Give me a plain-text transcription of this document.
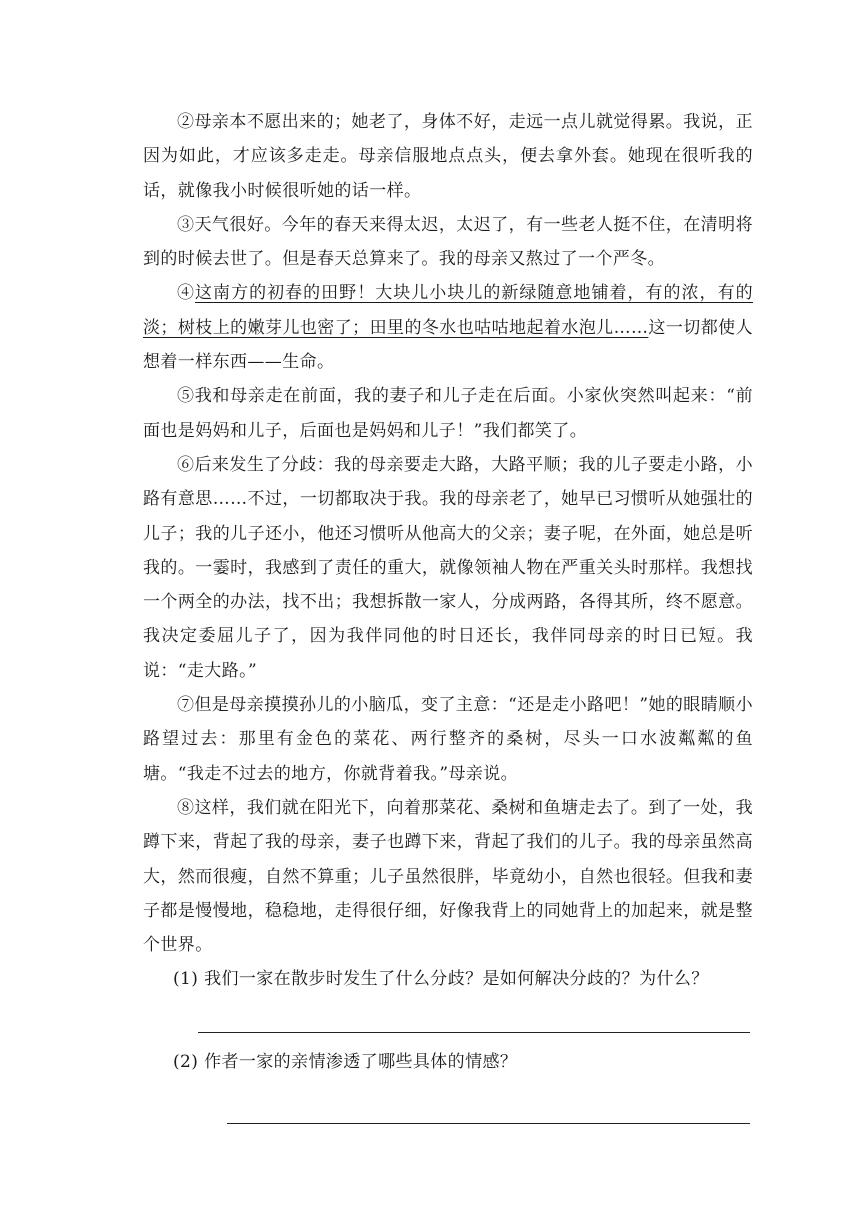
②母亲本不愿出来的；她老了，身体不好，走远一点儿就觉得累。我说，正因为如此，才应该多走走。母亲信服地点点头，便去拿外套。她现在很听我的话，就像我小时候很听她的话一样。

③天气很好。今年的春天来得太迟，太迟了，有一些老人挺不住，在清明将到的时候去世了。但是春天总算来了。我的母亲又熬过了一个严冬。

④这南方的初春的田野！大块儿小块儿的新绿随意地铺着，有的浓，有的淡；树枝上的嫩芽儿也密了；田里的冬水也咕咕地起着水泡儿……这一切都使人想着一样东西——生命。

⑤我和母亲走在前面，我的妻子和儿子走在后面。小家伙突然叫起来：“前面也是妈妈和儿子，后面也是妈妈和儿子！”我们都笑了。

⑥后来发生了分歧：我的母亲要走大路，大路平顺；我的儿子要走小路，小路有意思……不过，一切都取决于我。我的母亲老了，她早已习惯听从她强壮的儿子；我的儿子还小，他还习惯听从他高大的父亲；妻子呢，在外面，她总是听我的。一霎时，我感到了责任的重大，就像领袖人物在严重关头时那样。我想找一个两全的办法，找不出；我想拆散一家人，分成两路，各得其所，终不愿意。我决定委屈儿子了，因为我伴同他的时日还长，我伴同母亲的时日已短。我说：“走大路。”

⑦但是母亲摸摸孙儿的小脑瓜，变了主意：“还是走小路吧！”她的眼睛顺小路望过去：那里有金色的菜花、两行整齐的桑树，尽头一口水波粼粼的鱼塘。“我走不过去的地方，你就背着我。”母亲说。

⑧这样，我们就在阳光下，向着那菜花、桑树和鱼塘走去了。到了一处，我蹲下来，背起了我的母亲，妻子也蹲下来，背起了我们的儿子。我的母亲虽然高大，然而很瘦，自然不算重；儿子虽然很胖，毕竟幼小，自然也很轻。但我和妻子都是慢慢地，稳稳地，走得很仔细，好像我背上的同她背上的加起来，就是整个世界。

(1) 我们一家在散步时发生了什么分歧？是如何解决分歧的？为什么？

(2) 作者一家的亲情渗透了哪些具体的情感？
